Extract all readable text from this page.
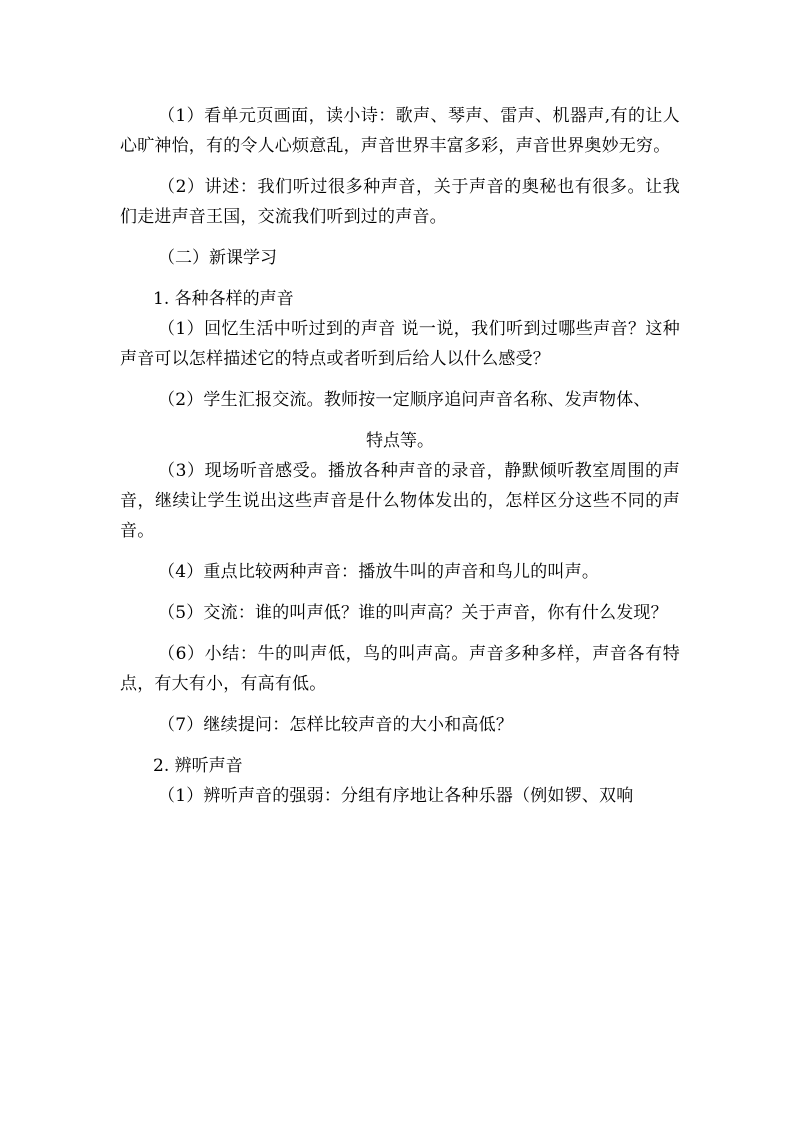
（1）看单元页画面，读小诗：歌声、琴声、雷声、机器声,有的让人心旷神怡，有的令人心烦意乱，声音世界丰富多彩，声音世界奥妙无穷。

（2）讲述：我们听过很多种声音，关于声音的奥秘也有很多。让我们走进声音王国，交流我们听到过的声音。

（二）新课学习

1. 各种各样的声音

（1）回忆生活中听过到的声音 说一说，我们听到过哪些声音？这种声音可以怎样描述它的特点或者听到后给人以什么感受？

（2）学生汇报交流。教师按一定顺序追问声音名称、发声物体、

特点等。

（3）现场听音感受。播放各种声音的录音，静默倾听教室周围的声音，继续让学生说出这些声音是什么物体发出的，怎样区分这些不同的声音。

（4）重点比较两种声音：播放牛叫的声音和鸟儿的叫声。

（5）交流：谁的叫声低？谁的叫声高？关于声音，你有什么发现？

（6）小结：牛的叫声低，鸟的叫声高。声音多种多样，声音各有特点，有大有小，有高有低。

（7）继续提问：怎样比较声音的大小和高低？

2. 辨听声音

（1）辨听声音的强弱：分组有序地让各种乐器（例如锣、双响
